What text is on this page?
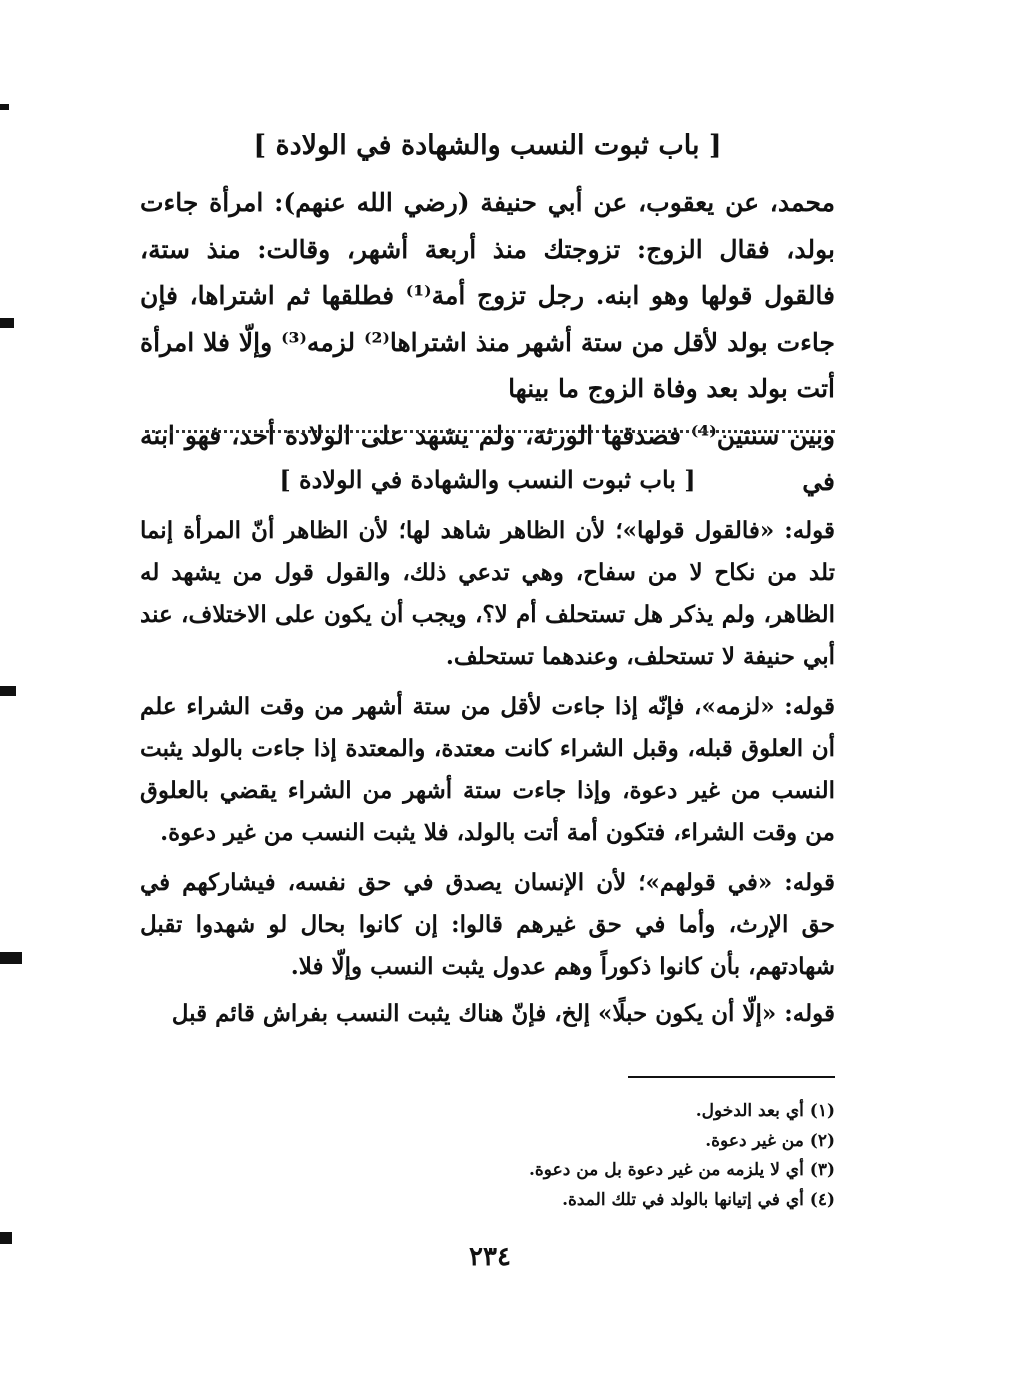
[ باب ثبوت النسب والشهادة في الولادة ]

محمد، عن يعقوب، عن أبي حنيفة (رضي الله عنهم): امرأة جاءت بولد، فقال الزوج: تزوجتك منذ أربعة أشهر، وقالت: منذ ستة، فالقول قولها وهو ابنه. رجل تزوج أمة⁽¹⁾ فطلقها ثم اشتراها، فإن جاءت بولد لأقل من ستة أشهر منذ اشتراها⁽²⁾ لزمه⁽³⁾ وإلّا فلا امرأة أتت بولد بعد وفاة الزوج ما بينها
وبين سنتين⁽⁴⁾ فصدقها الورثة، ولم يشهد على الولادة أحد، فهو ابنه في

[ باب ثبوت النسب والشهادة في الولادة ]

قوله: «فالقول قولها»؛ لأن الظاهر شاهد لها؛ لأن الظاهر أنّ المرأة إنما تلد من نكاح لا من سفاح، وهي تدعي ذلك، والقول قول من يشهد له الظاهر، ولم يذكر هل تستحلف أم لا؟، ويجب أن يكون على الاختلاف، عند أبي حنيفة لا تستحلف، وعندهما تستحلف.

قوله: «لزمه»، فإنّه إذا جاءت لأقل من ستة أشهر من وقت الشراء علم أن العلوق قبله، وقبل الشراء كانت معتدة، والمعتدة إذا جاءت بالولد يثبت النسب من غير دعوة، وإذا جاءت ستة أشهر من الشراء يقضي بالعلوق من وقت الشراء، فتكون أمة أتت بالولد، فلا يثبت النسب من غير دعوة.

قوله: «في قولهم»؛ لأن الإنسان يصدق في حق نفسه، فيشاركهم في حق الإرث، وأما في حق غيرهم قالوا: إن كانوا بحال لو شهدوا تقبل شهادتهم، بأن كانوا ذكوراً وهم عدول يثبت النسب وإلّا فلا.

قوله: «إلّا أن يكون حبلًا» إلخ، فإنّ هناك يثبت النسب بفراش قائم قبل

(١) أي بعد الدخول.
(٢) من غير دعوة.
(٣) أي لا يلزمه من غير دعوة بل من دعوة.
(٤) أي في إتيانها بالولد في تلك المدة.
٢٣٤
